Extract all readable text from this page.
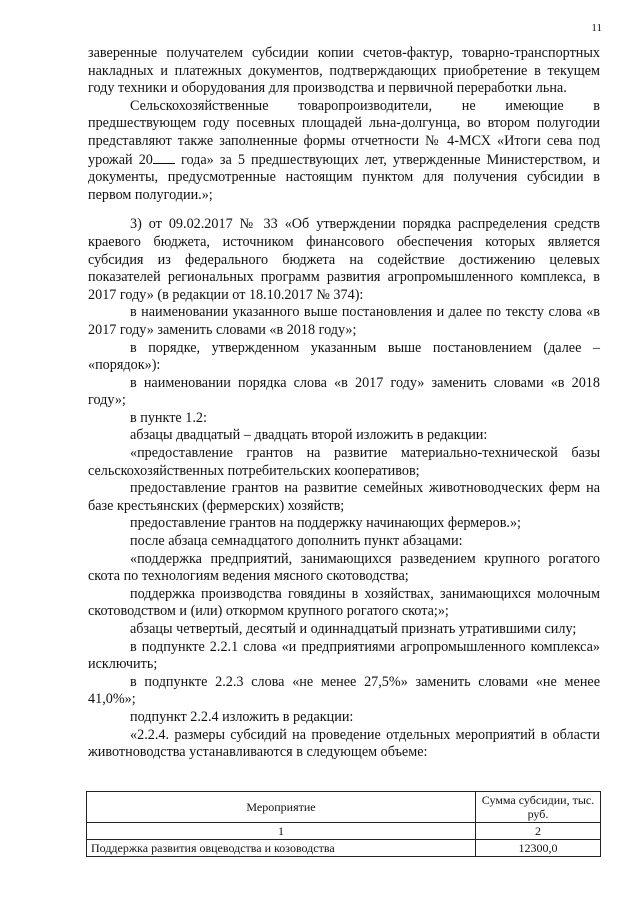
11

заверенные получателем субсидии копии счетов-фактур, товарно-транспортных накладных и платежных документов, подтверждающих приобретение в текущем году техники и оборудования для производства и первичной переработки льна.

Сельскохозяйственные товаропроизводители, не имеющие в предшествующем году посевных площадей льна-долгунца, во втором полугодии представляют также заполненные формы отчетности № 4-МСХ «Итоги сева под урожай 20 года» за 5 предшествующих лет, утвержденные Министерством, и документы, предусмотренные настоящим пунктом для получения субсидии в первом полугодии.»;

3) от 09.02.2017 № 33 «Об утверждении порядка распределения средств краевого бюджета, источником финансового обеспечения которых является субсидия из федерального бюджета на содействие достижению целевых показателей региональных программ развития агропромышленного комплекса, в 2017 году» (в редакции от 18.10.2017 № 374):

в наименовании указанного выше постановления и далее по тексту слова «в 2017 году» заменить словами «в 2018 году»;

в порядке, утвержденном указанным выше постановлением (далее – «порядок»):

в наименовании порядка слова «в 2017 году» заменить словами «в 2018 году»;

в пункте 1.2:

абзацы двадцатый – двадцать второй изложить в редакции:

«предоставление грантов на развитие материально-технической базы сельскохозяйственных потребительских кооперативов;

предоставление грантов на развитие семейных животноводческих ферм на базе крестьянских (фермерских) хозяйств;

предоставление грантов на поддержку начинающих фермеров.»;

после абзаца семнадцатого дополнить пункт абзацами:

«поддержка предприятий, занимающихся разведением крупного рогатого скота по технологиям ведения мясного скотоводства;

поддержка производства говядины в хозяйствах, занимающихся молочным скотоводством и (или) откормом крупного рогатого скота;»;

абзацы четвертый, десятый и одиннадцатый признать утратившими силу;

в подпункте 2.2.1 слова «и предприятиями агропромышленного комплекса» исключить;

в подпункте 2.2.3 слова «не менее 27,5%» заменить словами «не менее 41,0%»;

подпункт 2.2.4 изложить в редакции:

«2.2.4. размеры субсидий на проведение отдельных мероприятий в области животноводства устанавливаются в следующем объеме:

Мероприятие	Сумма субсидии, тыс. руб.
1	2
Поддержка развития овцеводства и козоводства	12300,0
